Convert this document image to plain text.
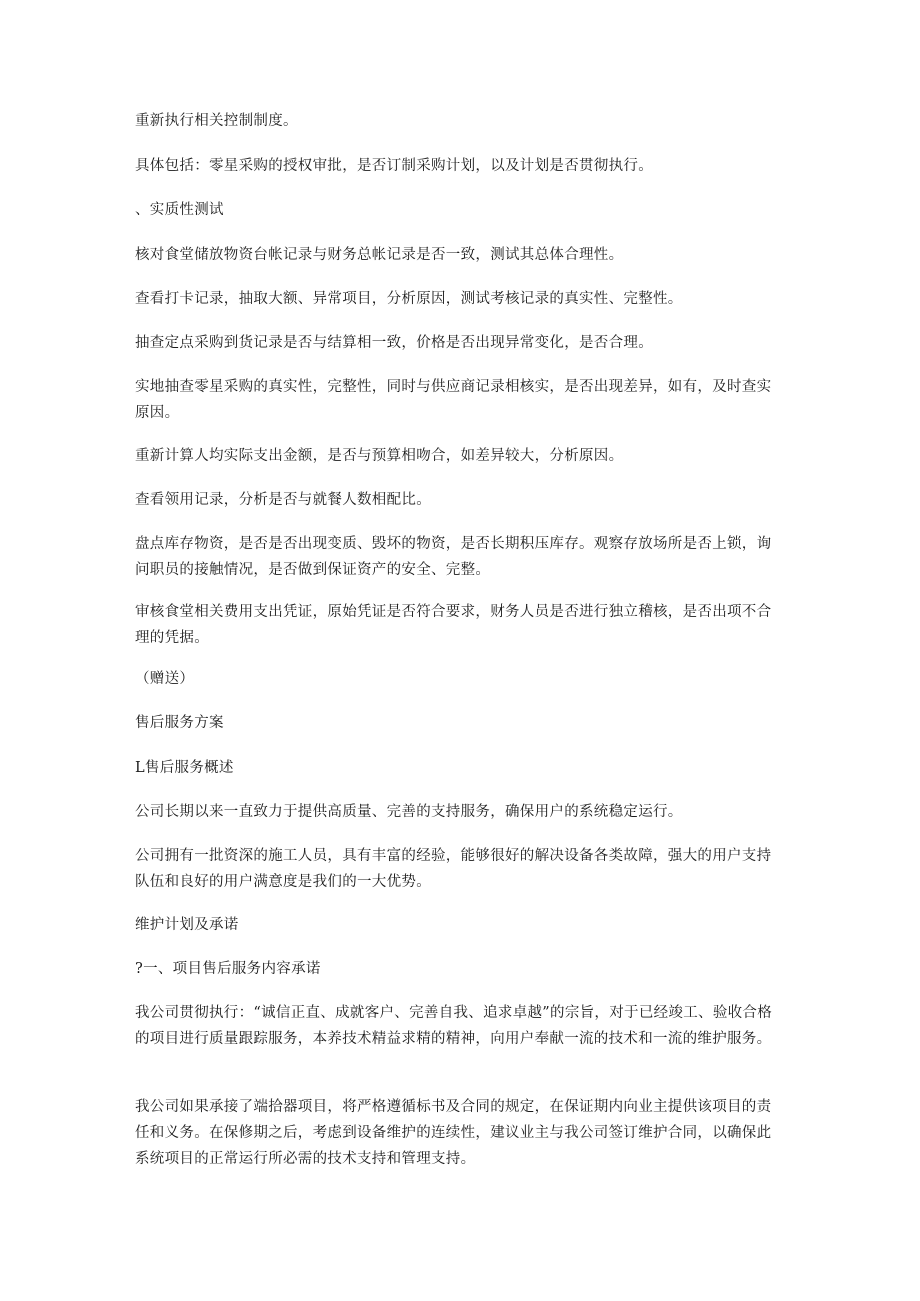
重新执行相关控制制度。

具体包括：零星采购的授权审批，是否订制采购计划，以及计划是否贯彻执行。

、实质性测试

核对食堂储放物资台帐记录与财务总帐记录是否一致，测试其总体合理性。

查看打卡记录，抽取大额、异常项目，分析原因，测试考核记录的真实性、完整性。

抽查定点采购到货记录是否与结算相一致，价格是否出现异常变化，是否合理。

实地抽查零星采购的真实性，完整性，同时与供应商记录相核实，是否出现差异，如有，及时查实原因。

重新计算人均实际支出金额，是否与预算相吻合，如差异较大，分析原因。

查看领用记录，分析是否与就餐人数相配比。

盘点库存物资，是否是否出现变质、毁坏的物资，是否长期积压库存。观察存放场所是否上锁，询问职员的接触情况，是否做到保证资产的安全、完整。

审核食堂相关费用支出凭证，原始凭证是否符合要求，财务人员是否进行独立稽核，是否出项不合理的凭据。

（赠送）

售后服务方案

L售后服务概述

公司长期以来一直致力于提供高质量、完善的支持服务，确保用户的系统稳定运行。

公司拥有一批资深的施工人员，具有丰富的经验，能够很好的解决设备各类故障，强大的用户支持队伍和良好的用户满意度是我们的一大优势。

维护计划及承诺

?一、项目售后服务内容承诺

我公司贯彻执行：“诚信正直、成就客户、完善自我、追求卓越”的宗旨，对于已经竣工、验收合格的项目进行质量跟踪服务，本养技术精益求精的精神，向用户奉献一流的技术和一流的维护服务。

我公司如果承接了端拾器项目，将严格遵循标书及合同的规定，在保证期内向业主提供该项目的责任和义务。在保修期之后，考虑到设备维护的连续性，建议业主与我公司签订维护合同，以确保此系统项目的正常运行所必需的技术支持和管理支持。
